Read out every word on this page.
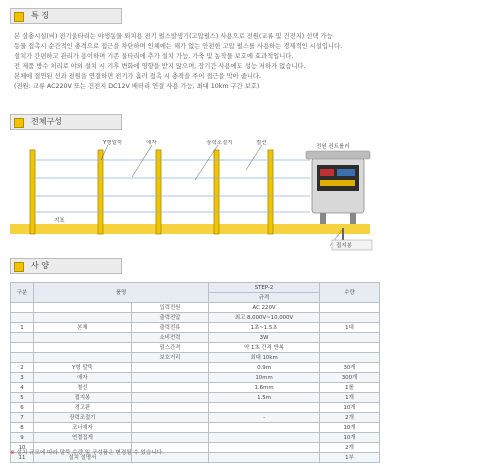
특 징
본 살충시설(비) 전기울타리는 야생동물 퇴치용 전기 펄스발생기(고압펄스) 사용으로 전원(교류 및 건전지) 선택 가능
동물 접촉시 순간적인 충격으로 접근을 차단하며 인체에는 해가 없는 안전한 고압 펄스를 사용하는 경제적인 시설입니다.
설치가 간편하고 관리가 용이하며 기존 울타리에 추가 설치 가능, 가축 및 농작물 보호에 효과적입니다.
전 제품 방수 처리로 야외 설치 시 기후 변화에 영향을 받지 않으며, 장기간 사용에도 성능 저하가 없습니다.
본체에 절연된 선과 전원을 연결하면 전기가 흘러 접촉 시 충격을 주어 접근을 막아 줍니다.
(전원: 교류 AC220V 또는 건전지 DC12V 배터리 연결 사용 가능, 최대 10km 구간 보호)
전체구성
Y형말뚝	애자	장력조절기	철선
전원 컨트롤러
지표
접지봉
사 양
구분	품명		STEP-2	수량
			규격	
		입력전원	AC 220V	
		출력전압	최고 8,000V~10,000V	
1	본체	출력전류	1초~1.5초	1대
		소비전력	3W	
		펄스간격	약 1초 간격 반복	
		보호거리	최대 10km	
2	Y형 말뚝		0.9m	30개
3	애자		10mm	300개
4	철선		1.6mm	1롤
5	접지봉		1.5m	1개
6	경고판			10개
7	장력조절기		-	2개
8	코너애자			10개
9	연결집게			10개
10				2개
11	설치 설명서			1부
※ 설치 규모에 따라 말뚝 수량 및 구성품은 변경될 수 있습니다.
